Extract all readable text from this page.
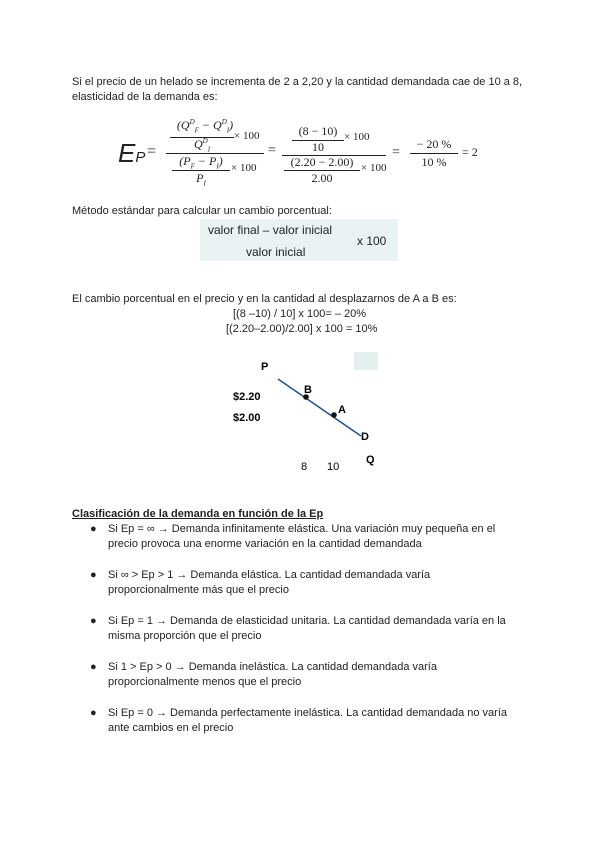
Si el precio de un helado se incrementa de 2 a 2,20 y la cantidad demandada cae de 10 a 8,
elasticidad de la demanda es:
EP =
$(Q^D_F - Q^D_I)$
$Q^D_I$
× 100
$(P_F - P_I)$
$P_I$
× 100
=
(8 − 10)
10
× 100
(2.20 − 2.00)
2.00
× 100
=
− 20 %
10 %
= 2
Método estándar para calcular un cambio porcentual:
valor final – valor inicial
valor inicial
x 100
El cambio porcentual en el precio y en la cantidad al desplazarnos de A a B es:
[(8 –10) / 10] x 100= – 20%
[(2.20–2.00)/2.00] x 100 = 10%
P
$2.20
$2.00
B
A
D
8 10
Q
Clasificación de la demanda en función de la Ep
● Si Ep = ∞ → Demanda infinitamente elástica. Una variación muy pequeña en el
precio provoca una enorme variación en la cantidad demandada
● Si ∞ > Ep > 1 → Demanda elástica. La cantidad demandada varía
proporcionalmente más que el precio
● Si Ep = 1 → Demanda de elasticidad unitaria. La cantidad demandada varía en la
misma proporción que el precio
● Si 1 > Ep > 0 → Demanda inelástica. La cantidad demandada varía
proporcionalmente menos que el precio
● Si Ep = 0 → Demanda perfectamente inelástica. La cantidad demandada no varía
ante cambios en el precio
